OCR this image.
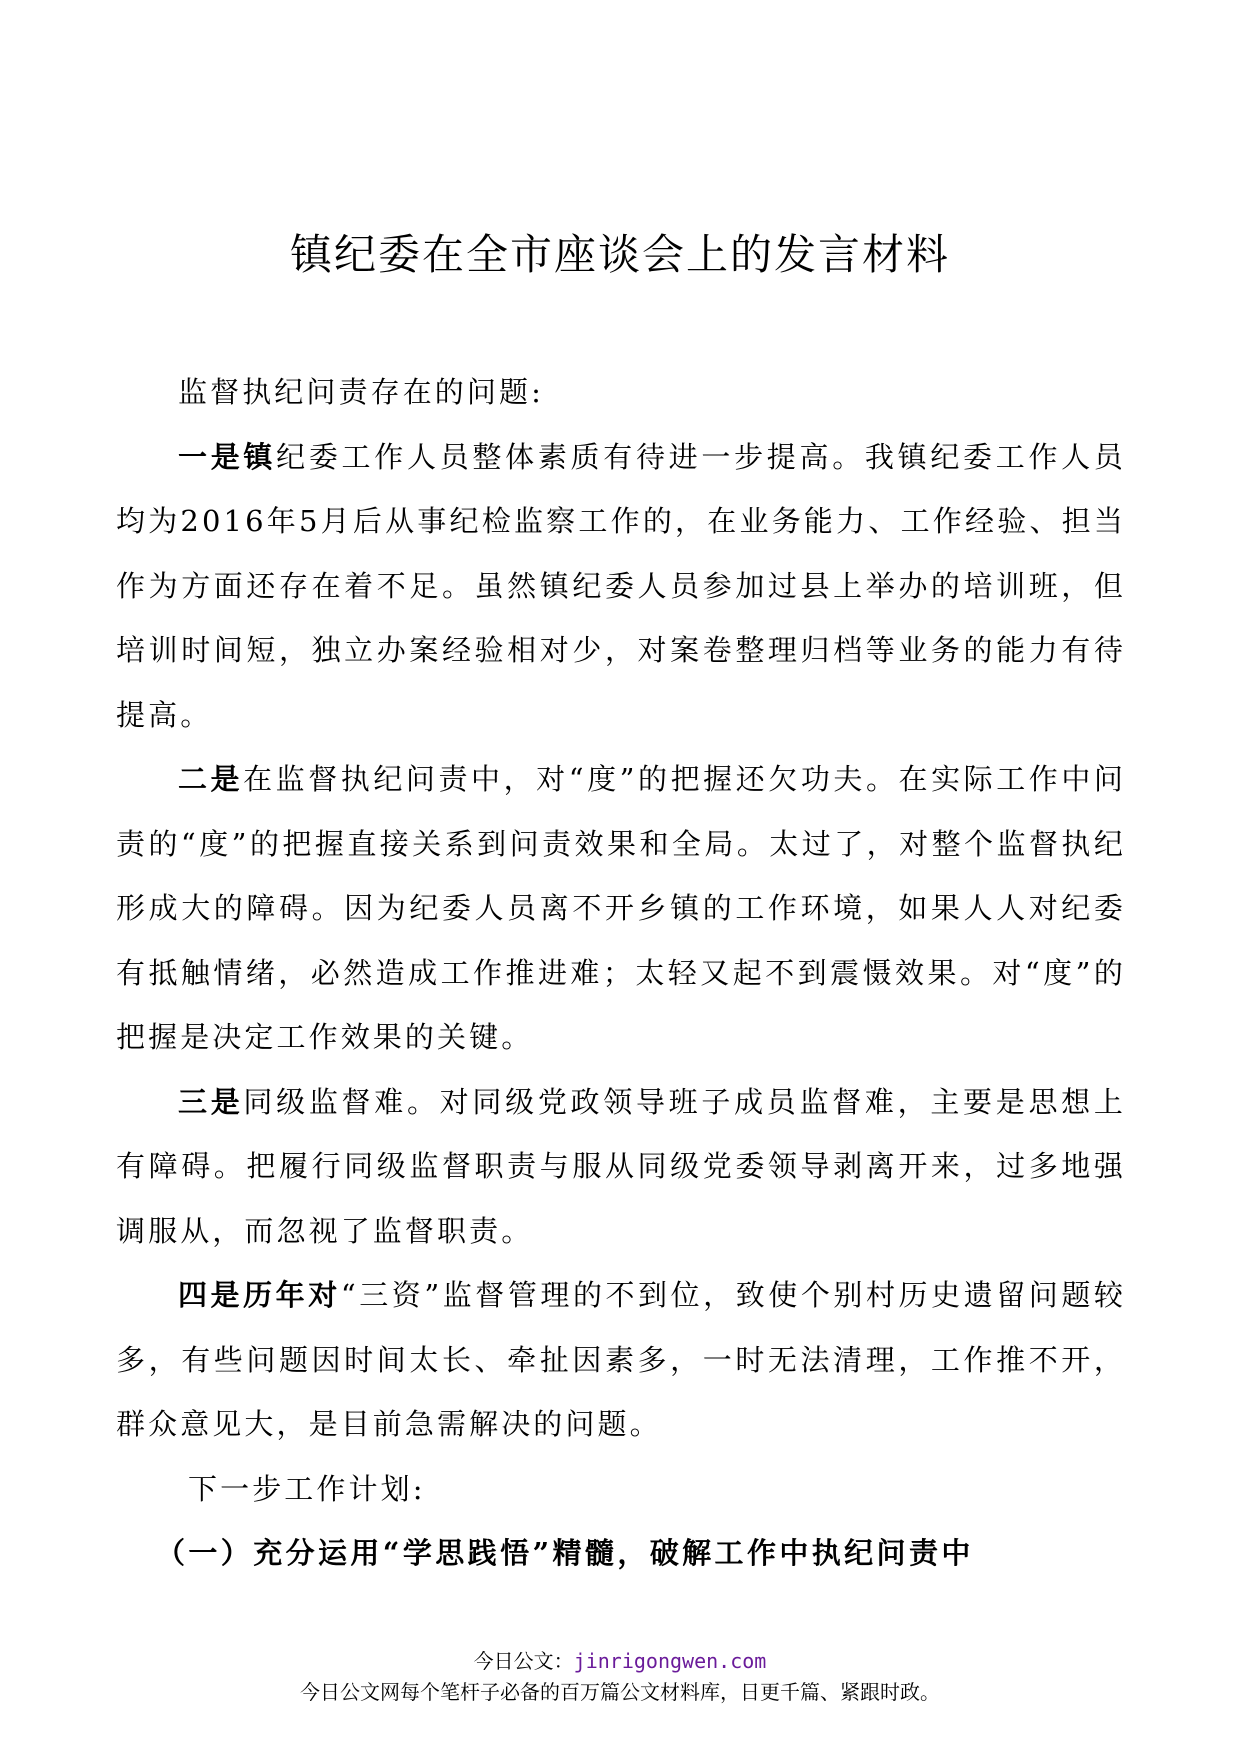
镇纪委在全市座谈会上的发言材料

监督执纪问责存在的问题:

一是镇纪委工作人员整体素质有待进一步提高。我镇纪委工作人员均为2016年5月后从事纪检监察工作的，在业务能力、工作经验、担当作为方面还存在着不足。虽然镇纪委人员参加过县上举办的培训班，但培训时间短，独立办案经验相对少，对案卷整理归档等业务的能力有待提高。

二是在监督执纪问责中，对“度”的把握还欠功夫。在实际工作中问责的“度”的把握直接关系到问责效果和全局。太过了，对整个监督执纪形成大的障碍。因为纪委人员离不开乡镇的工作环境，如果人人对纪委有抵触情绪，必然造成工作推进难；太轻又起不到震慑效果。对“度”的把握是决定工作效果的关键。

三是同级监督难。对同级党政领导班子成员监督难，主要是思想上有障碍。把履行同级监督职责与服从同级党委领导剥离开来，过多地强调服从，而忽视了监督职责。

四是历年对“三资”监督管理的不到位，致使个别村历史遗留问题较多，有些问题因时间太长、牵扯因素多，一时无法清理，工作推不开，群众意见大，是目前急需解决的问题。

下一步工作计划:

（一）充分运用“学思践悟”精髓，破解工作中执纪问责中

今日公文：jinrigongwen.com
今日公文网每个笔杆子必备的百万篇公文材料库，日更千篇、紧跟时政。
